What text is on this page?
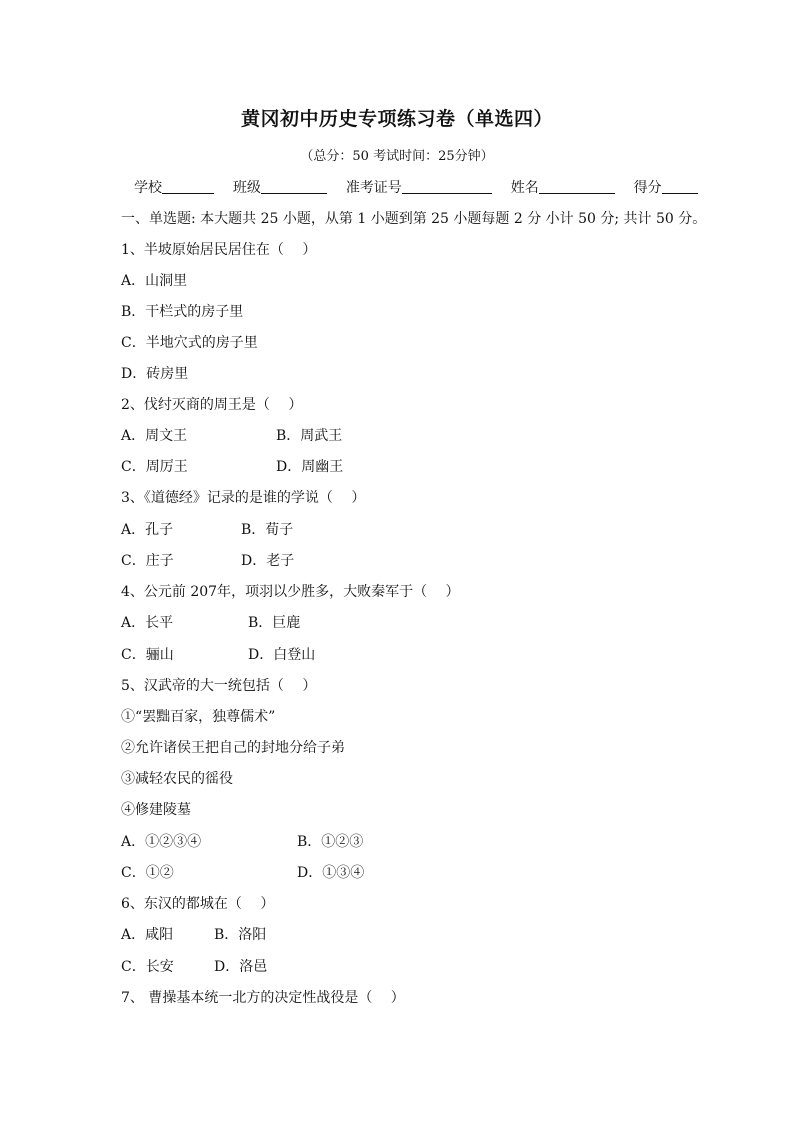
黄冈初中历史专项练习卷（单选四）
（总分：50 考试时间：25分钟）
学校	班级	准考证号	姓名	得分
一、单选题: 本大题共 25 小题，从第 1 小题到第 25 小题每题 2 分 小计 50 分; 共计 50 分。
1、半坡原始居民居住在（　 ）
A．山洞里
B．干栏式的房子里
C．半地穴式的房子里
D．砖房里
2、伐纣灭商的周王是（　 ）
A．周文王	B．周武王
C．周厉王	D．周幽王
3、《道德经》记录的是谁的学说（　 ）
A．孔子	B．荀子
C．庄子	D．老子
4、公元前 207年，项羽以少胜多，大败秦军于（　 ）
A．长平	B．巨鹿
C．骊山	D．白登山
5、汉武帝的大一统包括（　 ）
①“罢黜百家，独尊儒术”
②允许诸侯王把自己的封地分给子弟
③减轻农民的徭役
④修建陵墓
A．①②③④	B．①②③
C．①②	D．①③④
6、东汉的都城在（　 ）
A．咸阳	B．洛阳
C．长安	D．洛邑
7、 曹操基本统一北方的决定性战役是（　 ）
